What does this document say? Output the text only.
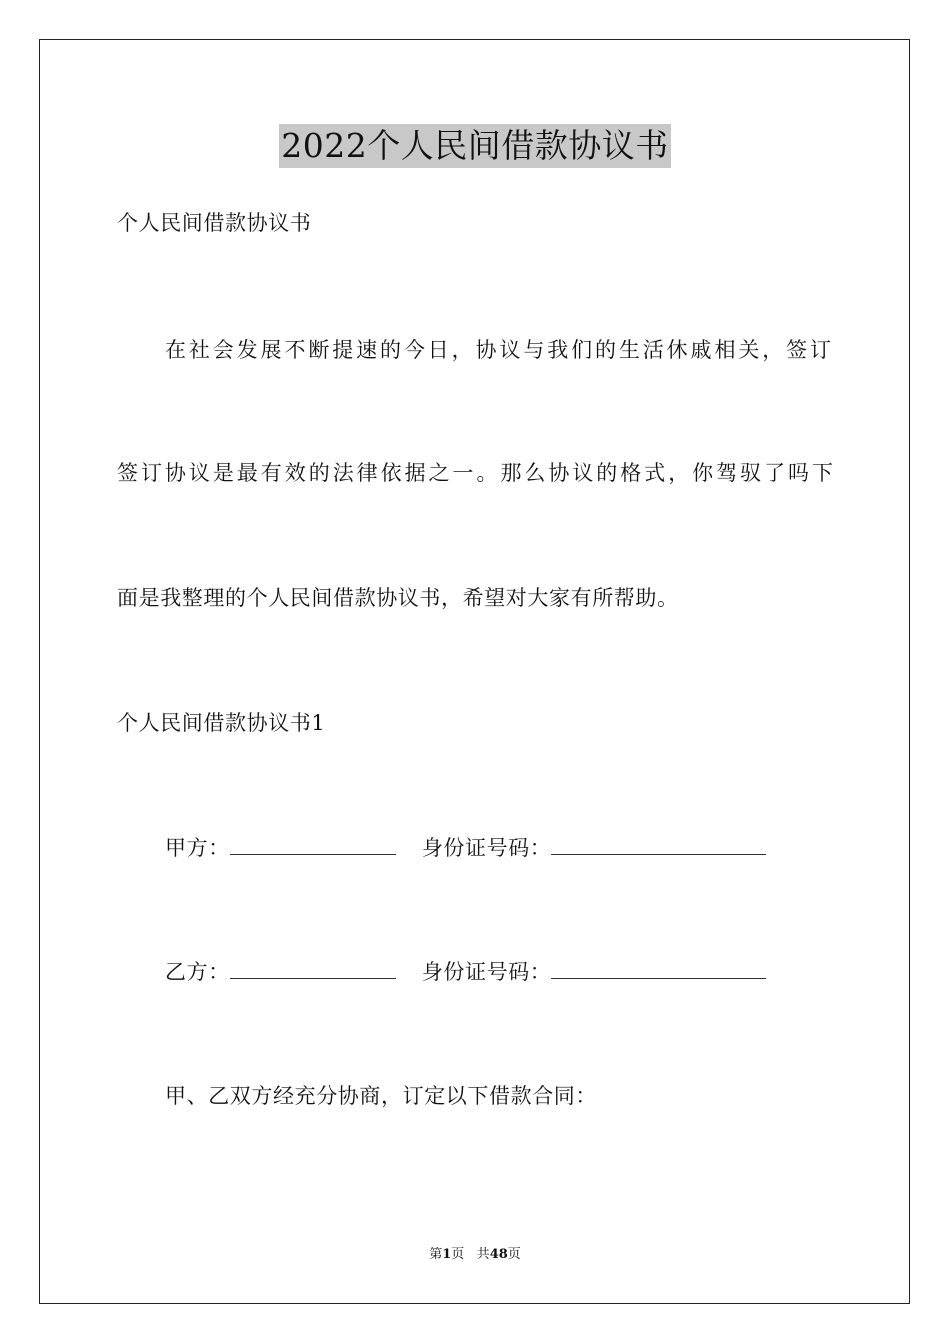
2022个人民间借款协议书
个人民间借款协议书
在社会发展不断提速的今日，协议与我们的生活休戚相关，签订
签订协议是最有效的法律依据之一。那么协议的格式，你驾驭了吗下
面是我整理的个人民间借款协议书，希望对大家有所帮助。
个人民间借款协议书1
甲方：	身份证号码：
乙方：	身份证号码：
甲、乙双方经充分协商，订定以下借款合同：
第1页 共48页
